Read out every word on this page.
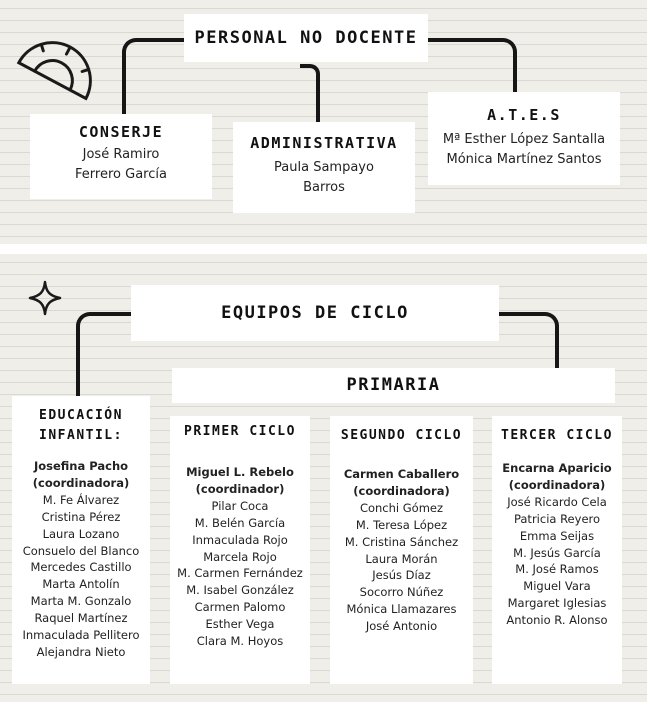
PERSONAL NO DOCENTE
CONSERJE
José Ramiro
Ferrero García
ADMINISTRATIVA
Paula Sampayo
Barros
A.T.E.S
Mª Esther López Santalla
Mónica Martínez Santos
EQUIPOS DE CICLO
PRIMARIA
EDUCACIÓN
INFANTIL:
Josefina Pacho
(coordinadora)
M. Fe Álvarez
Cristina Pérez
Laura Lozano
Consuelo del Blanco
Mercedes Castillo
Marta Antolín
Marta M. Gonzalo
Raquel Martínez
Inmaculada Pellitero
Alejandra Nieto
PRIMER CICLO
Miguel L. Rebelo
(coordinador)
Pilar Coca
M. Belén García
Inmaculada Rojo
Marcela Rojo
M. Carmen Fernández
M. Isabel González
Carmen Palomo
Esther Vega
Clara M. Hoyos
SEGUNDO CICLO
Carmen Caballero
(coordinadora)
Conchi Gómez
M. Teresa López
M. Cristina Sánchez
Laura Morán
Jesús Díaz
Socorro Núñez
Mónica Llamazares
José Antonio
TERCER CICLO
Encarna Aparicio
(coordinadora)
José Ricardo Cela
Patricia Reyero
Emma Seijas
M. Jesús García
M. José Ramos
Miguel Vara
Margaret Iglesias
Antonio R. Alonso
